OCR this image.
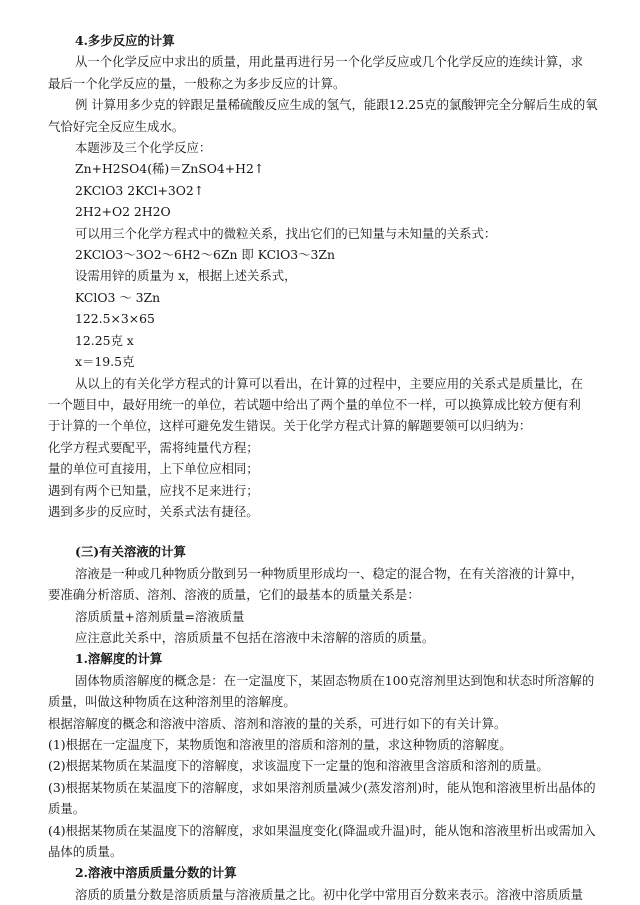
4.多步反应的计算

从一个化学反应中求出的质量，用此量再进行另一个化学反应或几个化学反应的连续计算，求

最后一个化学反应的量，一般称之为多步反应的计算。

例 计算用多少克的锌跟足量稀硫酸反应生成的氢气，能跟12.25克的氯酸钾完全分解后生成的氧

气恰好完全反应生成水。

本题涉及三个化学反应：

Zn+H2SO4(稀)＝ZnSO4+H2↑

2KClO3 2KCl+3O2↑

2H2+O2 2H2O

可以用三个化学方程式中的微粒关系，找出它们的已知量与未知量的关系式：

2KClO3～3O2～6H2～6Zn 即 KClO3～3Zn

设需用锌的质量为 x，根据上述关系式，

KClO3 ～ 3Zn

122.5×3×65

12.25克 x

x＝19.5克

从以上的有关化学方程式的计算可以看出，在计算的过程中，主要应用的关系式是质量比，在

一个题目中，最好用统一的单位，若试题中给出了两个量的单位不一样，可以换算成比较方便有利

于计算的一个单位，这样可避免发生错误。关于化学方程式计算的解题要领可以归纳为：

化学方程式要配平，需将纯量代方程；

量的单位可直接用，上下单位应相同；

遇到有两个已知量，应找不足来进行；

遇到多步的反应时，关系式法有捷径。

(三)有关溶液的计算

溶液是一种或几种物质分散到另一种物质里形成均一、稳定的混合物，在有关溶液的计算中，

要准确分析溶质、溶剂、溶液的质量，它们的最基本的质量关系是：

溶质质量+溶剂质量=溶液质量

应注意此关系中，溶质质量不包括在溶液中未溶解的溶质的质量。

1.溶解度的计算

固体物质溶解度的概念是：在一定温度下，某固态物质在100克溶剂里达到饱和状态时所溶解的

质量，叫做这种物质在这种溶剂里的溶解度。

根据溶解度的概念和溶液中溶质、溶剂和溶液的量的关系，可进行如下的有关计算。

(1)根据在一定温度下，某物质饱和溶液里的溶质和溶剂的量，求这种物质的溶解度。

(2)根据某物质在某温度下的溶解度，求该温度下一定量的饱和溶液里含溶质和溶剂的质量。

(3)根据某物质在某温度下的溶解度，求如果溶剂质量减少(蒸发溶剂)时，能从饱和溶液里析出晶体的

质量。

(4)根据某物质在某温度下的溶解度，求如果温度变化(降温或升温)时，能从饱和溶液里析出或需加入

晶体的质量。

2.溶液中溶质质量分数的计算

溶质的质量分数是溶质质量与溶液质量之比。初中化学中常用百分数来表示。溶液中溶质质量
